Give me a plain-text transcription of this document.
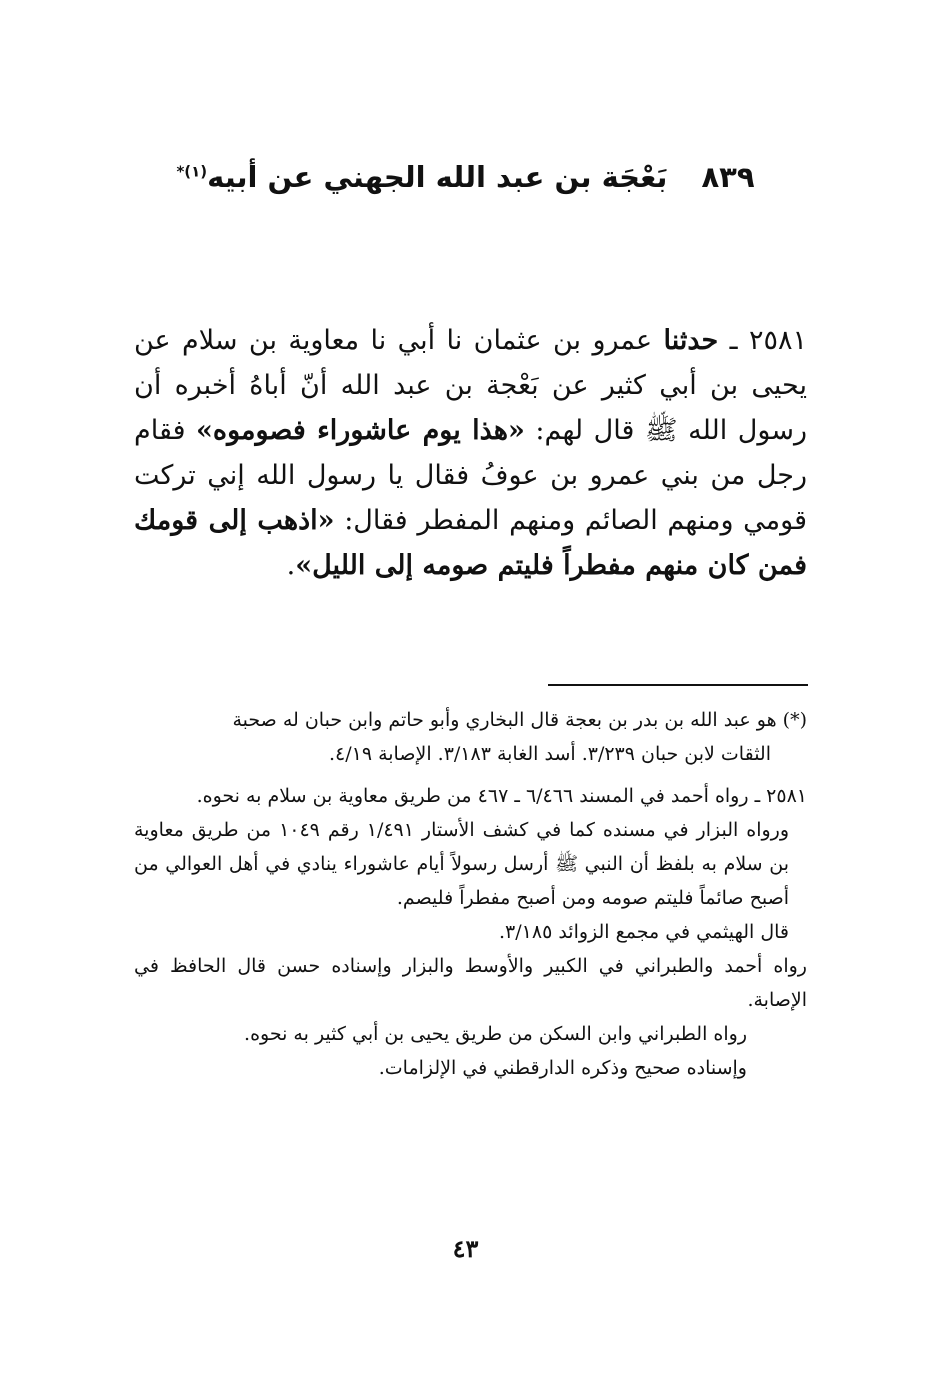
٨٣٩ بَعْجَة بن عبد الله الجهني عن أبيه$^{(١)*}$
٢٥٨١ ـ حدثنا عمرو بن عثمان نا أبي نا معاوية بن سلام عن يحيى بن أبي كثير عن بَعْجة بن عبد الله أنّ أباهُ أخبره أن رسول الله ﷺ قال لهم: «هذا يوم عاشوراء فصوموه» فقام رجل من بني عمرو بن عوفُ فقال يا رسول الله إني تركت قومي ومنهم الصائم ومنهم المفطر فقال: «اذهب إلى قومك فمن كان منهم مفطراً فليتم صومه إلى الليل».

(*) هو عبد الله بن بدر بن بعجة قال البخاري وأبو حاتم وابن حبان له صحبة

الثقات لابن حبان ٣/٢٣٩. أسد الغابة ٣/١٨٣. الإصابة ٤/١٩.

٢٥٨١ ـ رواه أحمد في المسند ٦/٤٦٦ ـ ٤٦٧ من طريق معاوية بن سلام به نحوه.

ورواه البزار في مسنده كما في كشف الأستار ١/٤٩١ رقم ١٠٤٩ من طريق معاوية بن سلام به بلفظ أن النبي ﷺ أرسل رسولاً أيام عاشوراء ينادي في أهل العوالي من أصبح صائماً فليتم صومه ومن أصبح مفطراً فليصم.

قال الهيثمي في مجمع الزوائد ٣/١٨٥.

رواه أحمد والطبراني في الكبير والأوسط والبزار وإسناده حسن قال الحافظ في الإصابة.

رواه الطبراني وابن السكن من طريق يحيى بن أبي كثير به نحوه.

وإسناده صحيح وذكره الدارقطني في الإلزامات.

٤٣
